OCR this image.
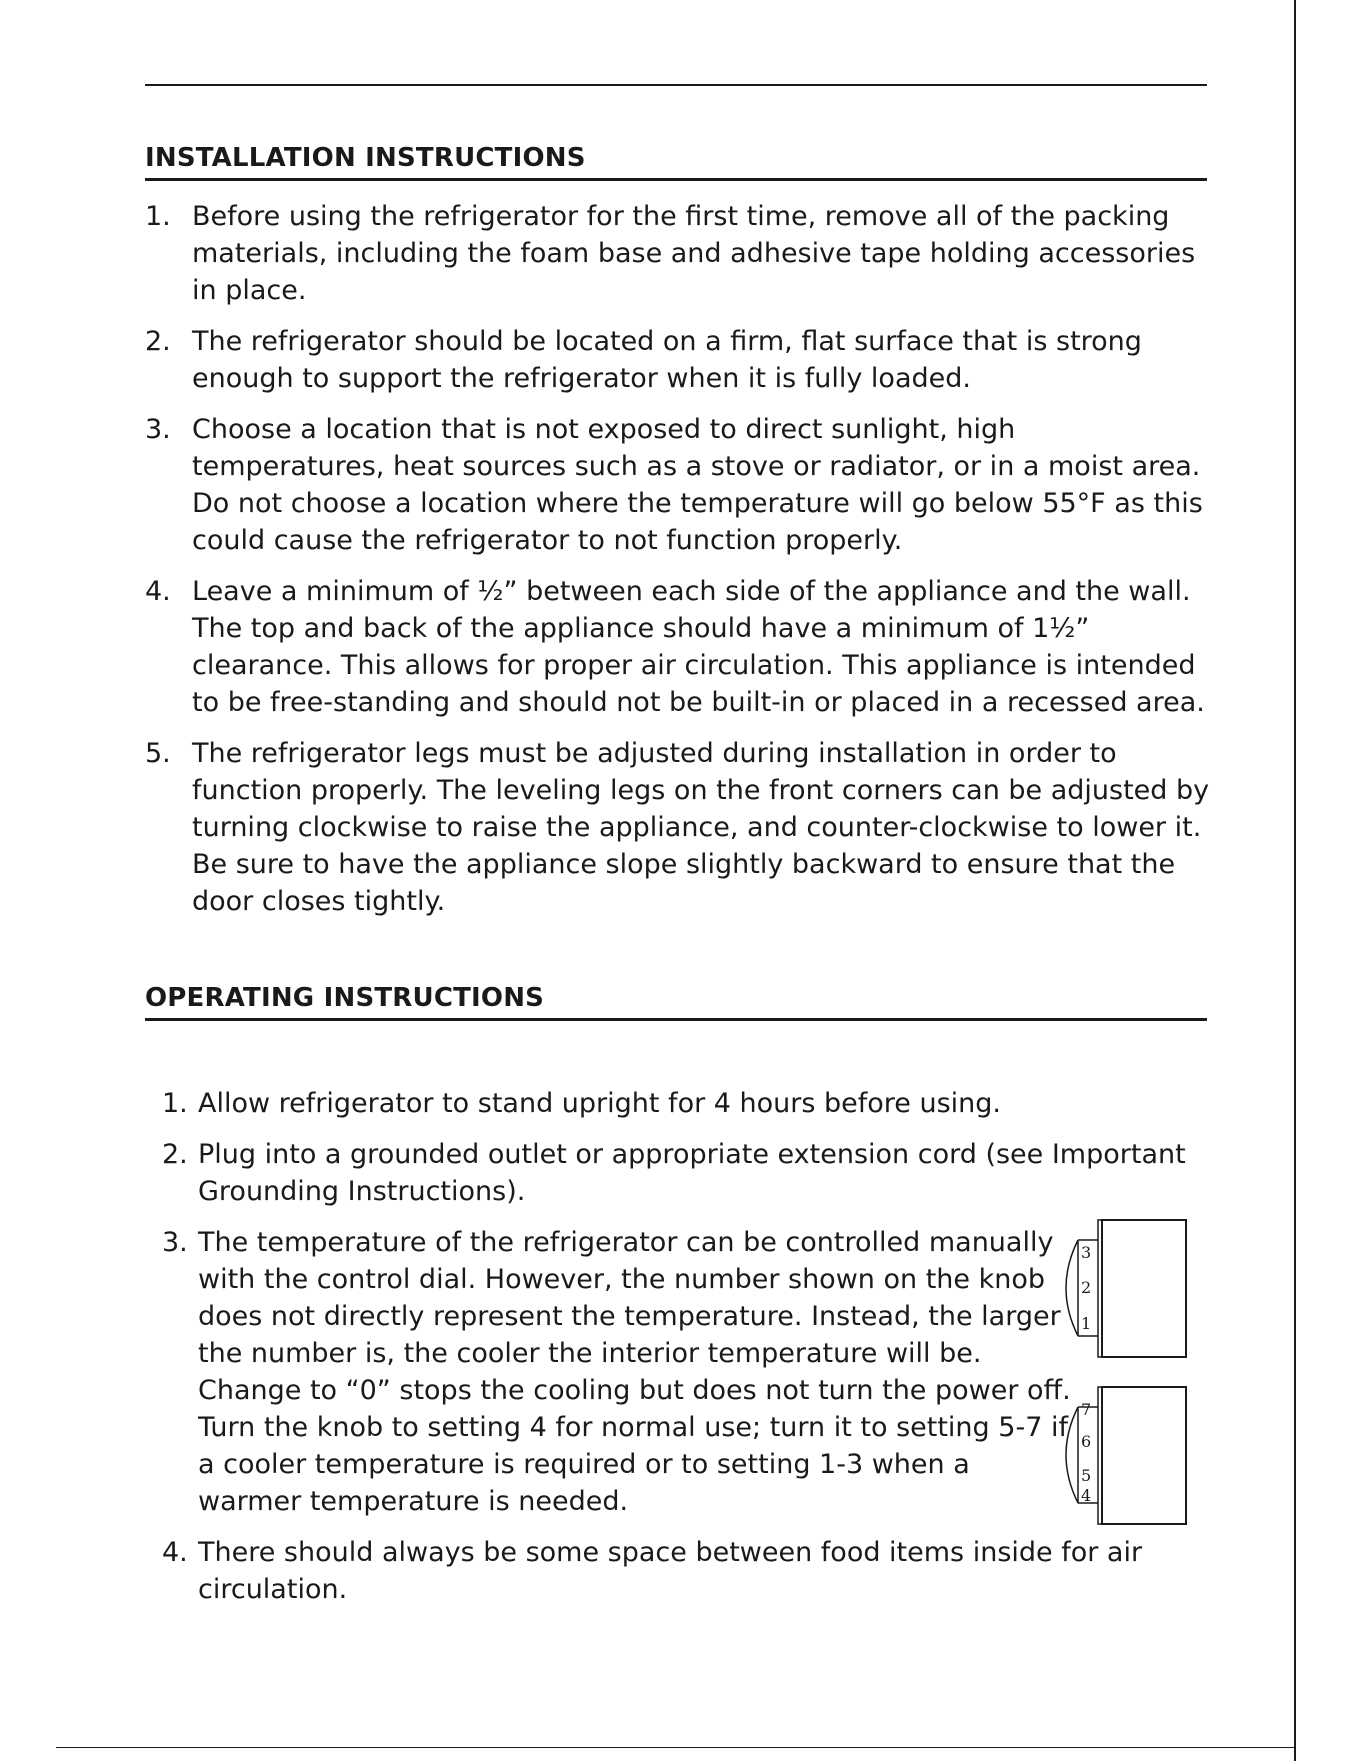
INSTALLATION INSTRUCTIONS
1. Before using the refrigerator for the first time, remove all of the packing materials, including the foam base and adhesive tape holding accessories in place.
2. The refrigerator should be located on a firm, flat surface that is strong enough to support the refrigerator when it is fully loaded.
3. Choose a location that is not exposed to direct sunlight, high temperatures, heat sources such as a stove or radiator, or in a moist area. Do not choose a location where the temperature will go below 55°F as this could cause the refrigerator to not function properly.
4. Leave a minimum of ½” between each side of the appliance and the wall. The top and back of the appliance should have a minimum of 1½” clearance. This allows for proper air circulation. This appliance is intended to be free-standing and should not be built-in or placed in a recessed area.
5. The refrigerator legs must be adjusted during installation in order to function properly. The leveling legs on the front corners can be adjusted by turning clockwise to raise the appliance, and counter-clockwise to lower it. Be sure to have the appliance slope slightly backward to ensure that the door closes tightly.
OPERATING INSTRUCTIONS
1. Allow refrigerator to stand upright for 4 hours before using.
2. Plug into a grounded outlet or appropriate extension cord (see Important Grounding Instructions).
3. The temperature of the refrigerator can be controlled manually with the control dial. However, the number shown on the knob does not directly represent the temperature. Instead, the larger the number is, the cooler the interior temperature will be. Change to “0” stops the cooling but does not turn the power off. Turn the knob to setting 4 for normal use; turn it to setting 5-7 if a cooler temperature is required or to setting 1-3 when a warmer temperature is needed.
4. There should always be some space between food items inside for air circulation.
3
2
1
7
6
5
4
